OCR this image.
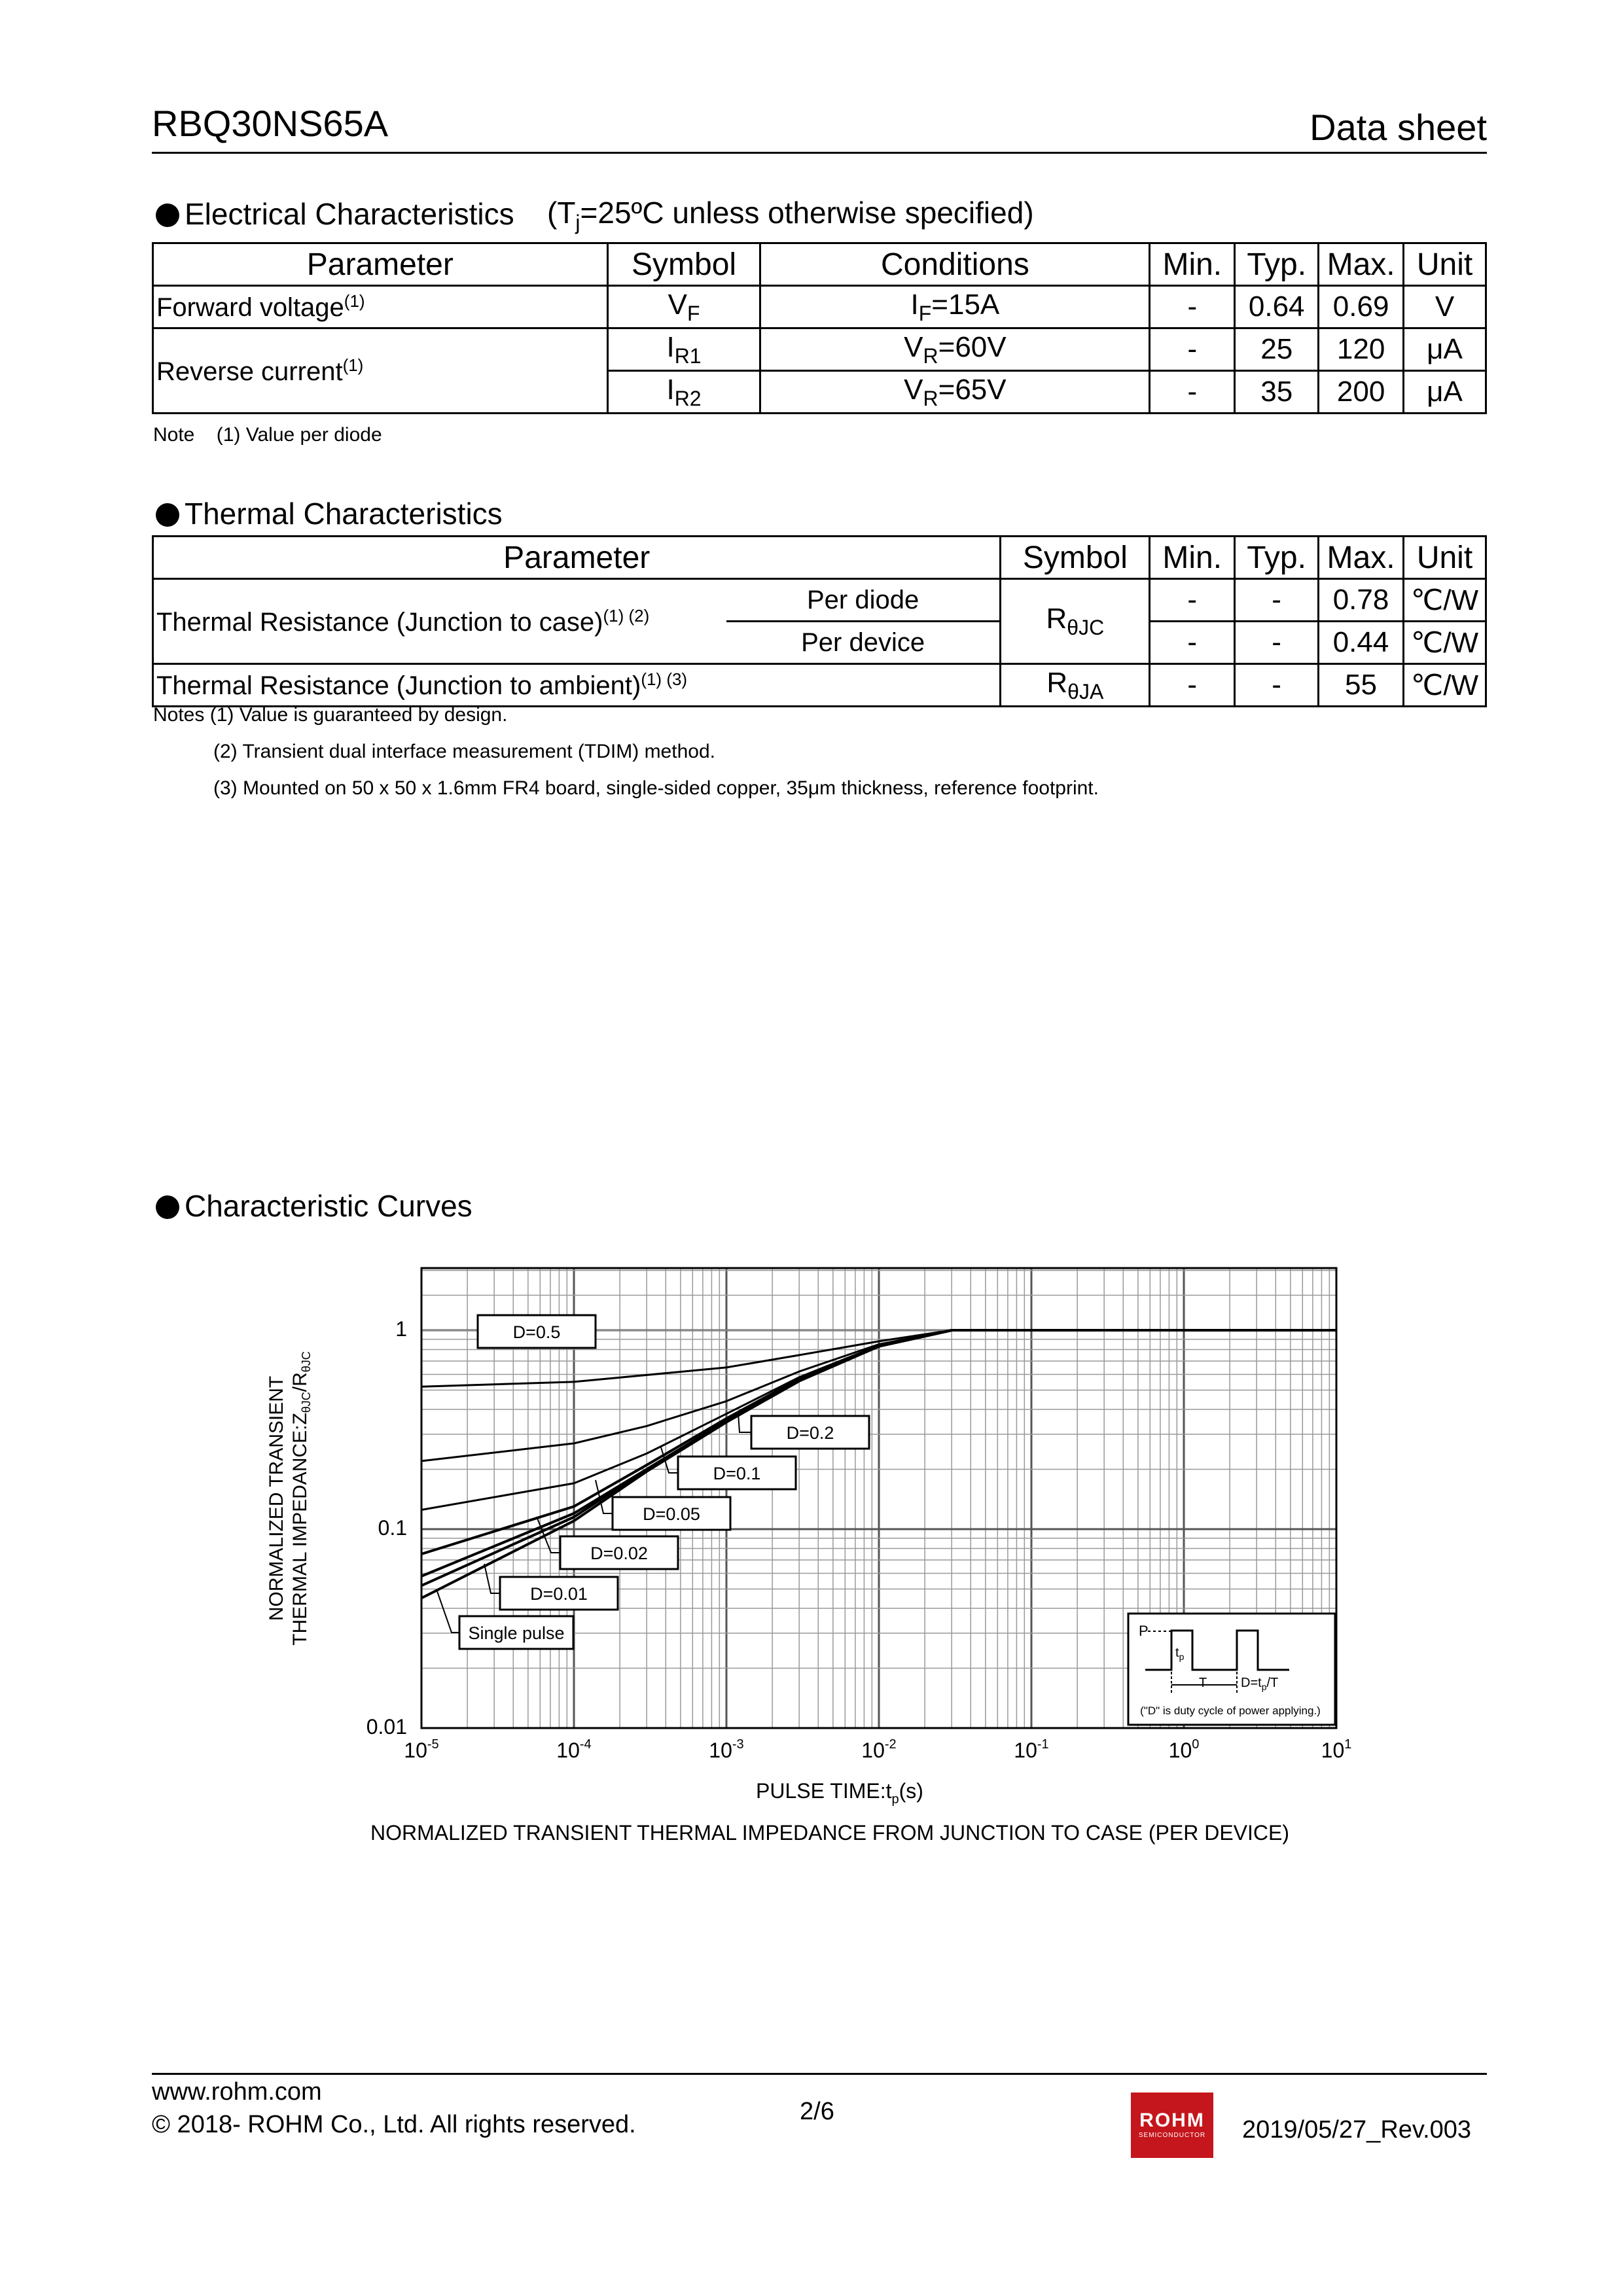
RBQ30NS65A	Data sheet
Electrical Characteristics ($T_j=25ºC$ unless otherwise specified)
Parameter	Symbol	Conditions	Min.	Typ.	Max.	Unit
Forward voltage$^{(1)}$	$V_F$	$I_F=15A$	-	0.64	0.69	V
Reverse current$^{(1)}$	$I_{R1}$	$V_R=60V$	-	25	120	μA
	$I_{R2}$	$V_R=65V$	-	35	200	μA
Note    (1) Value per diode
Thermal Characteristics
Parameter		Symbol	Min.	Typ.	Max.	Unit
Thermal Resistance (Junction to case)$^{(1) (2)}$	Per diode	$R_{\theta JC}$	-	-	0.78	℃/W
	Per device		-	-	0.44	℃/W
Thermal Resistance (Junction to ambient)$^{(1) (3)}$		$R_{\theta JA}$	-	-	55	℃/W
Notes (1) Value is guaranteed by design.
(2) Transient dual interface measurement (TDIM) method.
(3) Mounted on 50 x 50 x 1.6mm FR4 board, single-sided copper, 35μm thickness, reference footprint.
Characteristic Curves
1
0.1
0.01
$10^{-5}$	$10^{-4}$	$10^{-3}$	$10^{-2}$	$10^{-1}$	$10^0$	$10^1$
PULSE $TIME:t_p(s)$
NORMALIZED TRANSIENT THERMAL $IMPEDANCE:Z_{\theta JC}/R_{\theta JC}$
NORMALIZED TRANSIENT THERMAL IMPEDANCE FROM JUNCTION TO CASE (PER DEVICE)
D=0.5
D=0.2
D=0.1
D=0.05
D=0.02
D=0.01
Single pulse	P
$t_p$
T	$D=t_p/T$
("D" is duty cycle of power applying.)
www.rohm.com
© 2018- ROHM Co., Ltd. All rights reserved.	2/6	ROHM
SEMICONDUCTOR	2019/05/27_Rev.003
